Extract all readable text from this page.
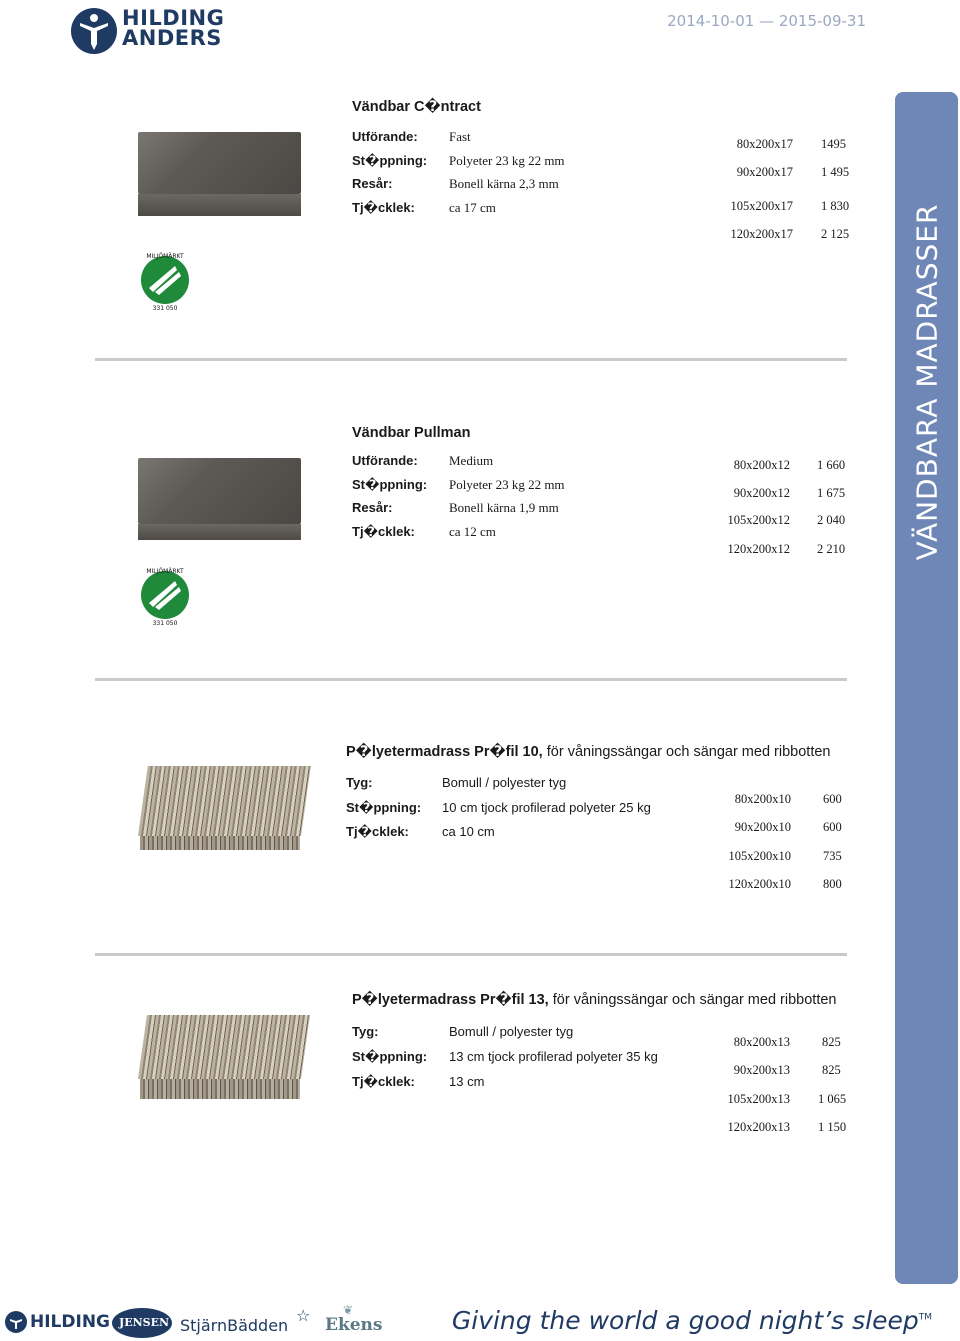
HILDING
ANDERS
2014-10-01 — 2015-09-31
VÄNDBARA MADRASSER
Vändbar C�ntract
MILJÖMÄRKT
331 050
Utförande: Fast
St�ppning: Polyeter 23 kg 22 mm
Resår:	Bonell kärna 2,3 mm
Tj�cklek:	ca 17 cm
80x200x17 1495
90x200x17 1 495
105x200x17 1 830
120x200x17 2 125
Vändbar Pullman
MILJÖMÄRKT
331 050
Utförande: Medium
St�ppning: Polyeter 23 kg 22 mm
Resår:	Bonell kärna 1,9 mm
Tj�cklek:	ca 12 cm
80x200x12 1 660
90x200x12 1 675
105x200x12 2 040
120x200x12 2 210
P�lyetermadrass Pr�fil 10, för våningssängar och sängar med ribbotten
Tyg:	Bomull / polyester tyg
St�ppning: 10 cm tjock profilerad polyeter 25 kg
Tj�cklek:	ca 10 cm
80x200x10	600
90x200x10	600
105x200x10	735
120x200x10	800
P�lyetermadrass Pr�fil 13, för våningssängar och sängar med ribbotten
Tyg:	Bomull / polyester tyg
St�ppning: 13 cm tjock profilerad polyeter 35 kg
Tj�cklek:	13 cm
80x200x13	825
90x200x13	825
105x200x13 1 065
120x200x13 1 150
HILDING JENSEN StjärnBädden ☆	❦
Ekens	Giving the world a good night’s sleep™
